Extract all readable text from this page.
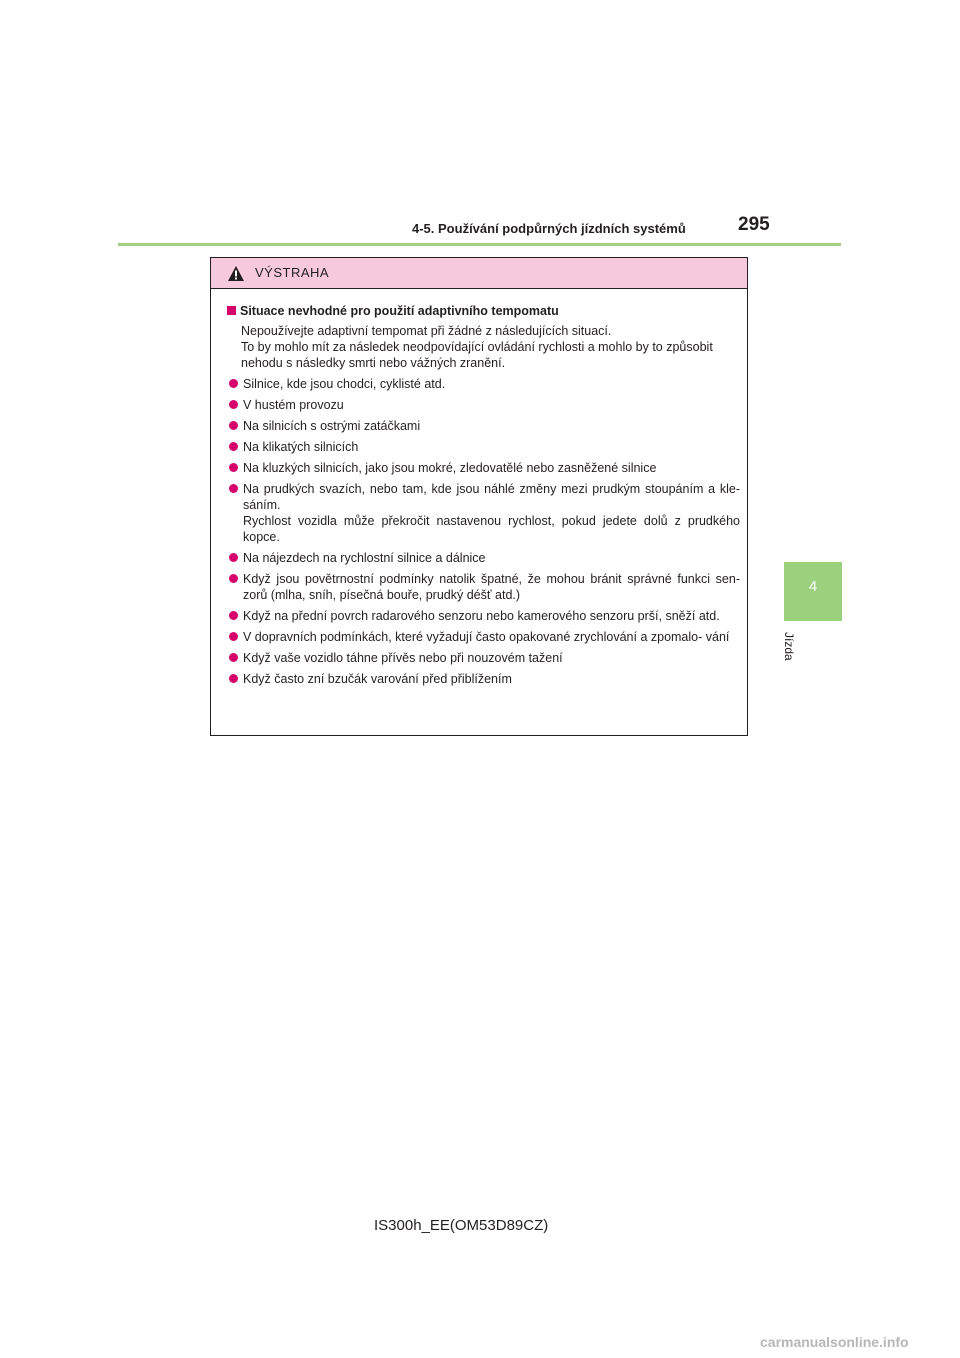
4-5. Používání podpůrných jízdních systémů	295
4
Jízda
VÝSTRAHA
Situace nevhodné pro použití adaptivního tempomatu
Nepoužívejte adaptivní tempomat při žádné z následujících situací.
To by mohlo mít za následek neodpovídající ovládání rychlosti a mohlo by to způsobit nehodu s následky smrti nebo vážných zranění.
Silnice, kde jsou chodci, cyklisté atd.
V hustém provozu
Na silnicích s ostrými zatáčkami
Na klikatých silnicích
Na kluzkých silnicích, jako jsou mokré, zledovatělé nebo zasněžené silnice
Na prudkých svazích, nebo tam, kde jsou náhlé změny mezi prudkým stoupáním a kle- sáním.
Rychlost vozidla může překročit nastavenou rychlost, pokud jedete dolů z prudkého kopce.
Na nájezdech na rychlostní silnice a dálnice
Když jsou povětrnostní podmínky natolik špatné, že mohou bránit správné funkci sen- zorů (mlha, sníh, písečná bouře, prudký déšť atd.)
Když na přední povrch radarového senzoru nebo kamerového senzoru prší, sněží atd.
V dopravních podmínkách, které vyžadují často opakované zrychlování a zpomalo- vání
Když vaše vozidlo táhne přívěs nebo při nouzovém tažení
Když často zní bzučák varování před přiblížením
IS300h_EE(OM53D89CZ)
carmanualsonline.info
